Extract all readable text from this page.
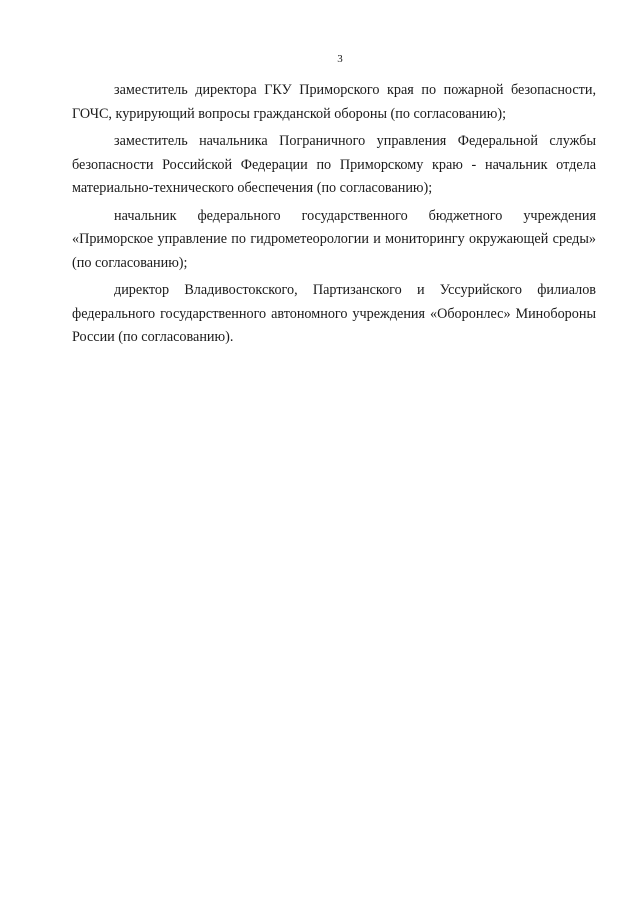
3

заместитель директора ГКУ Приморского края по пожарной безопасности, ГОЧС, курирующий вопросы гражданской обороны (по согласованию);

заместитель начальника Пограничного управления Федеральной службы безопасности Российской Федерации по Приморскому краю - начальник отдела материально-технического обеспечения (по согласованию);

начальник федерального государственного бюджетного учреждения «Приморское управление по гидрометеорологии и мониторингу окружающей среды» (по согласованию);

директор Владивостокского, Партизанского и Уссурийского филиалов федерального государственного автономного учреждения «Оборонлес» Минобороны России (по согласованию).
